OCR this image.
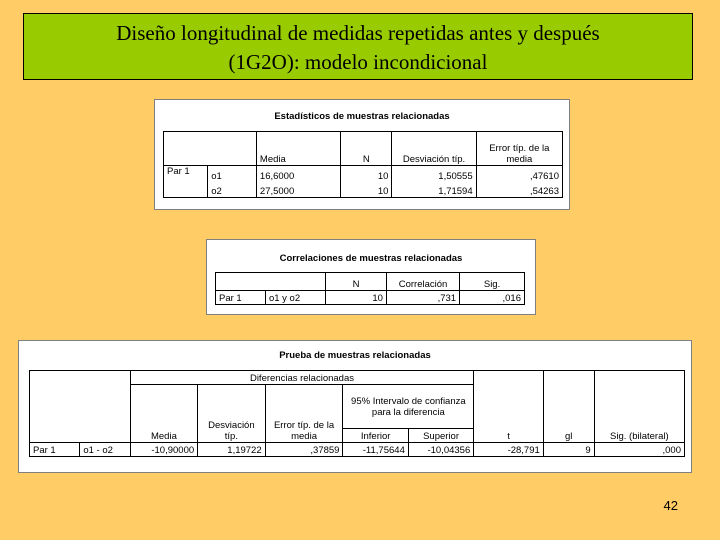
Diseño longitudinal de medidas repetidas antes y después
(1G2O): modelo incondicional
Estadísticos de muestras relacionadas
		Media	N	Desviación típ.	Error típ. de la media
Par 1	o1	16,6000	10	1,50555	,47610
	o2	27,5000	10	1,71594	,54263
Correlaciones de muestras relacionadas
		N	Correlación	Sig.
Par 1	o1 y o2	10	,731	,016
Prueba de muestras relacionadas
		Diferencias relacionadas					t	gl	Sig. (bilateral)
		Media	Desviación típ.	Error típ. de la media	95% Intervalo de confianza para la diferencia				
					Inferior	Superior			
Par 1	o1 - o2	-10,90000	1,19722	,37859	-11,75644	-10,04356	-28,791	9	,000
42
